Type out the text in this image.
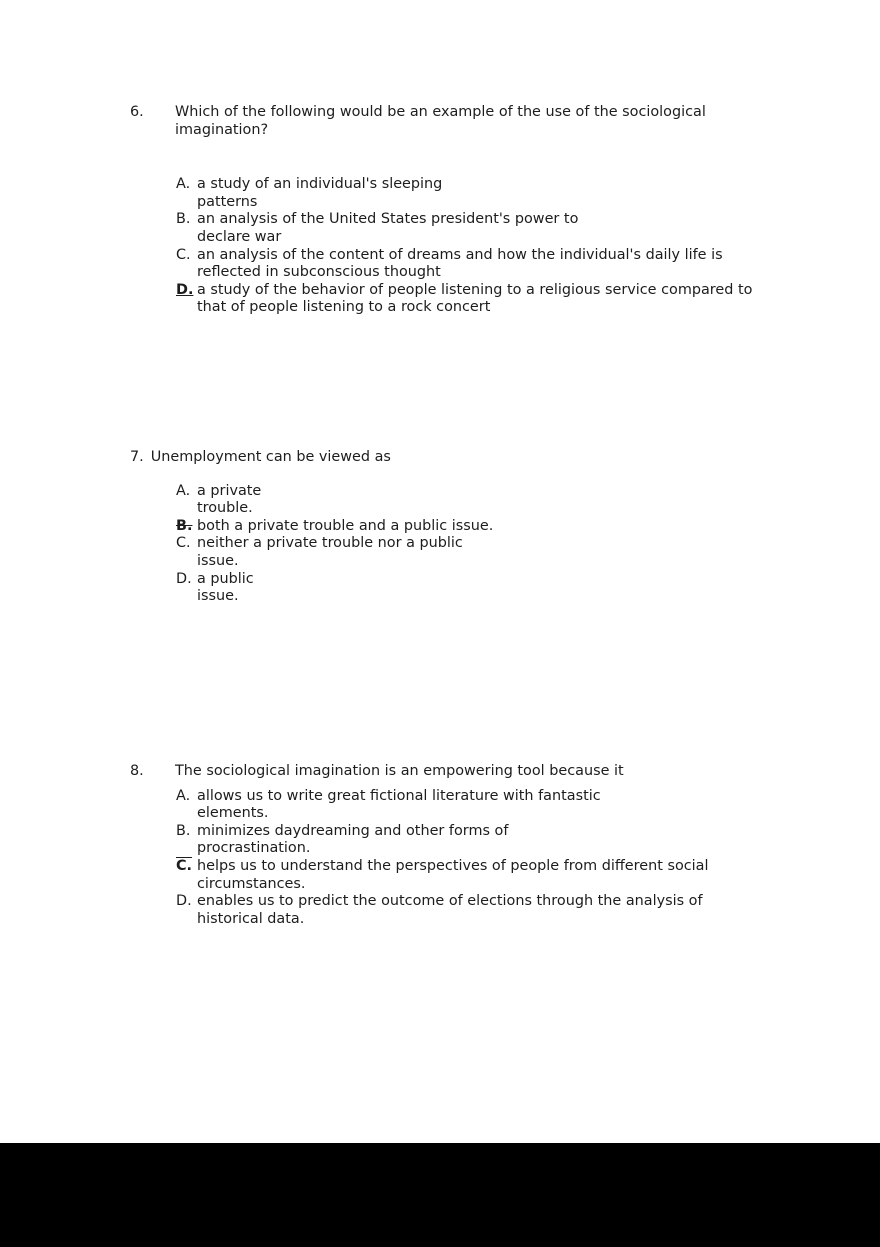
6.	Which of the following would be an example of the use of the sociological
imagination?
A. a study of an individual's sleeping
patterns
B. an analysis of the United States president's power to
declare war
C. an analysis of the content of dreams and how the individual's daily life is
reflected in subconscious thought
D. a study of the behavior of people listening to a religious service compared to
that of people listening to a rock concert
7. Unemployment can be viewed as
A. a private
trouble.
B. both a private trouble and a public issue.
C. neither a private trouble nor a public
issue.
D. a public
issue.
8.	The sociological imagination is an empowering tool because it
A. allows us to write great fictional literature with fantastic
elements.
B. minimizes daydreaming and other forms of
procrastination.
C. helps us to understand the perspectives of people from different social
circumstances.
D. enables us to predict the outcome of elections through the analysis of
historical data.
